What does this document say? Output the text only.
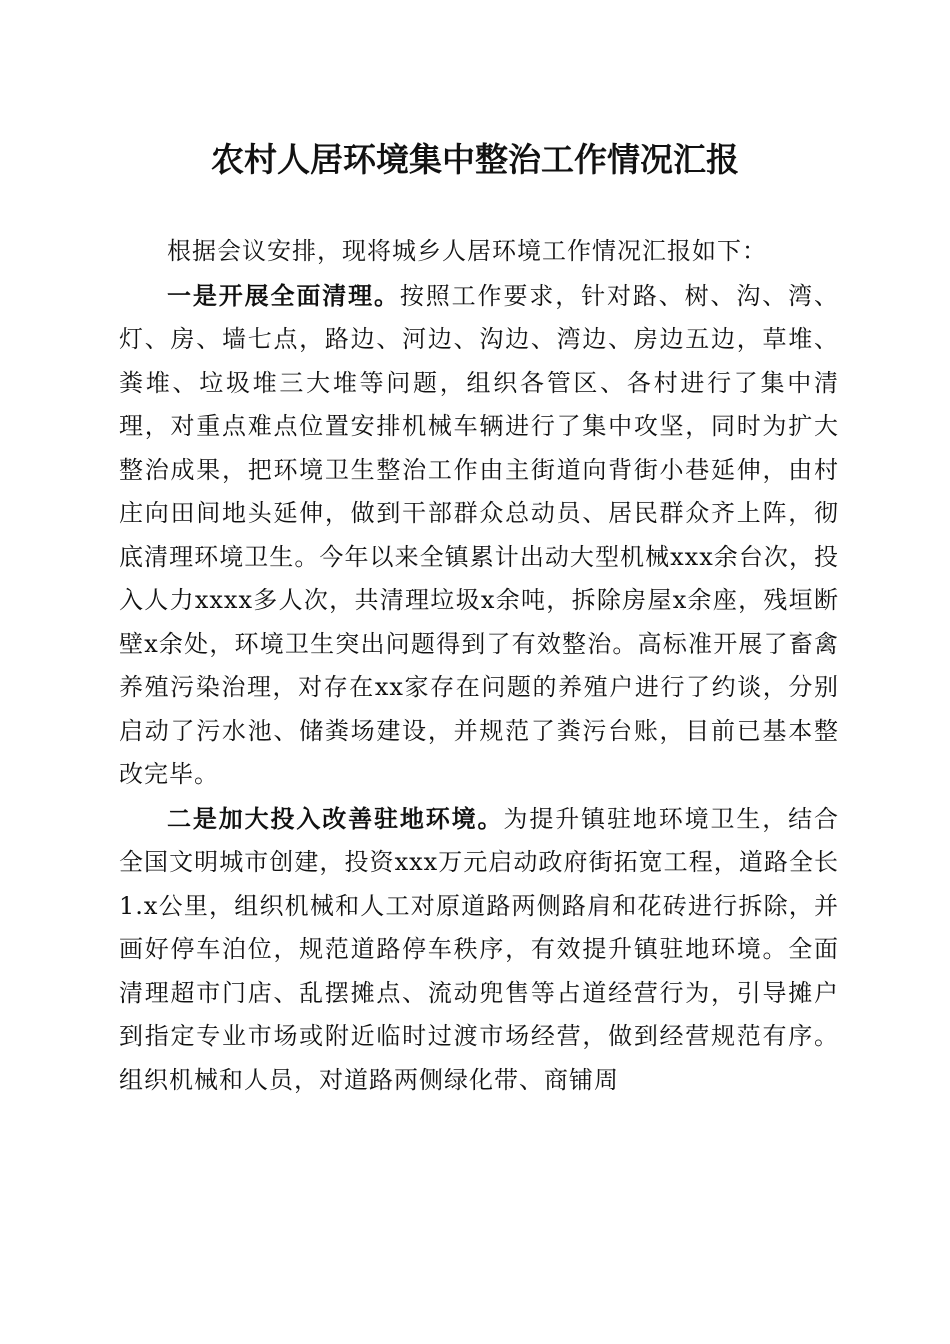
农村人居环境集中整治工作情况汇报

根据会议安排，现将城乡人居环境工作情况汇报如下：

一是开展全面清理。按照工作要求，针对路、树、沟、湾、灯、房、墙七点，路边、河边、沟边、湾边、房边五边，草堆、粪堆、垃圾堆三大堆等问题，组织各管区、各村进行了集中清理，对重点难点位置安排机械车辆进行了集中攻坚，同时为扩大整治成果，把环境卫生整治工作由主街道向背街小巷延伸，由村庄向田间地头延伸，做到干部群众总动员、居民群众齐上阵，彻底清理环境卫生。今年以来全镇累计出动大型机械xxx余台次，投入人力xxxx多人次，共清理垃圾x余吨，拆除房屋x余座，残垣断壁x余处，环境卫生突出问题得到了有效整治。高标准开展了畜禽养殖污染治理，对存在xx家存在问题的养殖户进行了约谈，分别启动了污水池、储粪场建设，并规范了粪污台账，目前已基本整改完毕。

二是加大投入改善驻地环境。为提升镇驻地环境卫生，结合全国文明城市创建，投资xxx万元启动政府街拓宽工程，道路全长1.x公里，组织机械和人工对原道路两侧路肩和花砖进行拆除，并画好停车泊位，规范道路停车秩序，有效提升镇驻地环境。全面清理超市门店、乱摆摊点、流动兜售等占道经营行为，引导摊户到指定专业市场或附近临时过渡市场经营，做到经营规范有序。组织机械和人员，对道路两侧绿化带、商铺周
